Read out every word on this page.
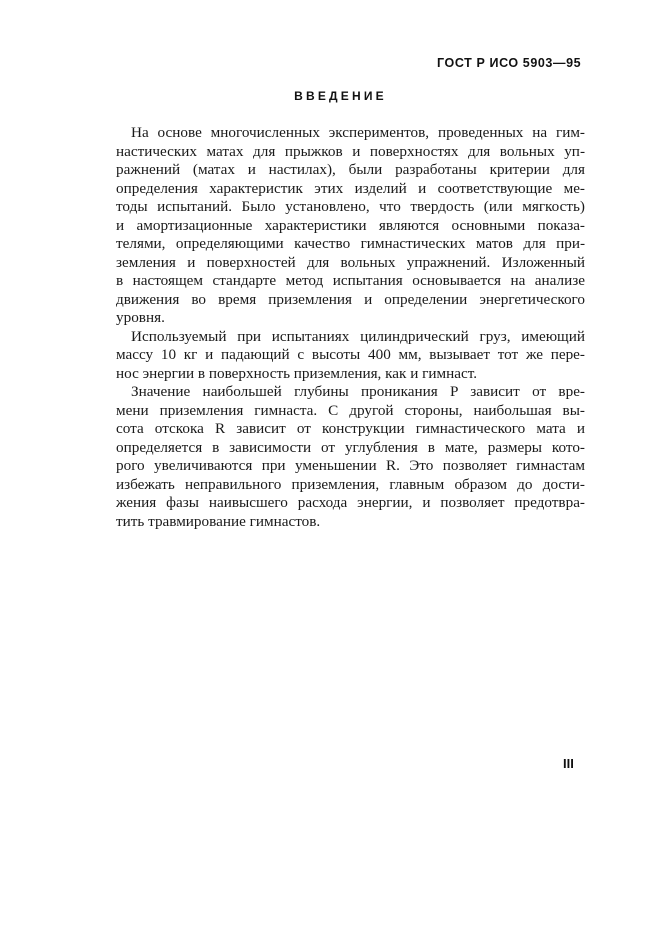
ГОСТ Р ИСО 5903—95
ВВЕДЕНИЕ
На основе многочисленных экспериментов, проведенных на гим-
настических матах для прыжков и поверхностях для вольных уп-
ражнений (матах и настилах), были разработаны критерии для
определения характеристик этих изделий и соответствующие ме-
тоды испытаний. Было установлено, что твердость (или мягкость)
и амортизационные характеристики являются основными показа-
телями, определяющими качество гимнастических матов для при-
земления и поверхностей для вольных упражнений. Изложенный
в настоящем стандарте метод испытания основывается на анализе
движения во время приземления и определении энергетического
уровня.
Используемый при испытаниях цилиндрический груз, имеющий
массу 10 кг и падающий с высоты 400 мм, вызывает тот же пере-
нос энергии в поверхность приземления, как и гимнаст.
Значение наибольшей глубины проникания P зависит от вре-
мени приземления гимнаста. С другой стороны, наибольшая вы-
сота отскока R зависит от конструкции гимнастического мата и
определяется в зависимости от углубления в мате, размеры кото-
рого увеличиваются при уменьшении R. Это позволяет гимнастам
избежать неправильного приземления, главным образом до дости-
жения фазы наивысшего расхода энергии, и позволяет предотвра-
тить травмирование гимнастов.
III
